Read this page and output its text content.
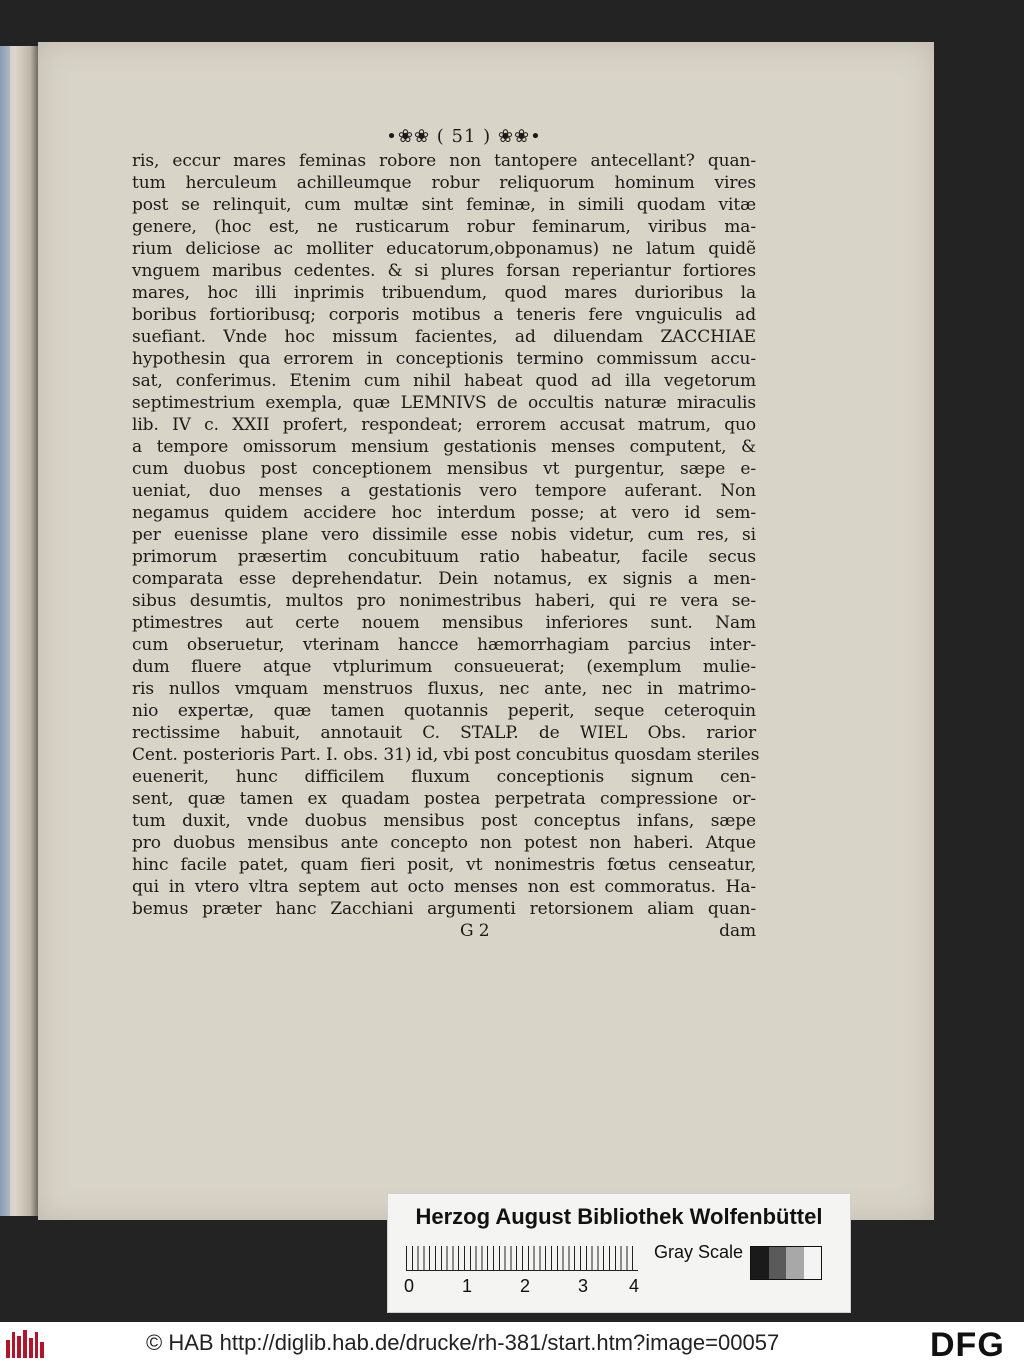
•❀❀ ( 51 ) ❀❀•
ris, eccur mares feminas robore non tantopere antecellant? quan-
tum herculeum achilleumque robur reliquorum hominum vires
post se relinquit, cum multæ sint feminæ, in simili quodam vitæ
genere, (hoc est, ne rusticarum robur feminarum, viribus ma-
rium deliciose ac molliter educatorum,obponamus) ne latum quidẽ
vnguem maribus cedentes. & si plures forsan reperiantur fortiores
mares, hoc illi inprimis tribuendum, quod mares durioribus la
boribus fortioribusq; corporis motibus a teneris fere vnguiculis ad
suefiant. Vnde hoc missum facientes, ad diluendam ZACCHIAE
hypothesin qua errorem in conceptionis termino commissum accu-
sat, conferimus. Etenim cum nihil habeat quod ad illa vegetorum
septimestrium exempla, quæ LEMNIVS de occultis naturæ miraculis
lib. IV c. XXII profert, respondeat; errorem accusat matrum, quo
a tempore omissorum mensium gestationis menses computent, &
cum duobus post conceptionem mensibus vt purgentur, sæpe e-
ueniat, duo menses a gestationis vero tempore auferant. Non
negamus quidem accidere hoc interdum posse; at vero id sem-
per euenisse plane vero dissimile esse nobis videtur, cum res, si
primorum præsertim concubituum ratio habeatur, facile secus
comparata esse deprehendatur. Dein notamus, ex signis a men-
sibus desumtis, multos pro nonimestribus haberi, qui re vera se-
ptimestres aut certe nouem mensibus inferiores sunt. Nam
cum obseruetur, vterinam hancce hæmorrhagiam parcius inter-
dum fluere atque vtplurimum consueuerat; (exemplum mulie-
ris nullos vmquam menstruos fluxus, nec ante, nec in matrimo-
nio expertæ, quæ tamen quotannis peperit, seque ceteroquin
rectissime habuit, annotauit C. STALP. de WIEL Obs. rarior
Cent. posterioris Part. I. obs. 31) id, vbi post concubitus quosdam steriles
euenerit, hunc difficilem fluxum conceptionis signum cen-
sent, quæ tamen ex quadam postea perpetrata compressione or-
tum duxit, vnde duobus mensibus post conceptus infans, sæpe
pro duobus mensibus ante concepto non potest non haberi. Atque
hinc facile patet, quam fieri posit, vt nonimestris fœtus censeatur,
qui in vtero vltra septem aut octo menses non est commoratus. Ha-
bemus præter hanc Zacchiani argumenti retorsionem aliam quan-
G 2	dam
Herzog August Bibliothek Wolfenbüttel
0	1	2	3 4
Gray Scale
© HAB http://diglib.hab.de/drucke/rh-381/start.htm?image=00057	DFG
